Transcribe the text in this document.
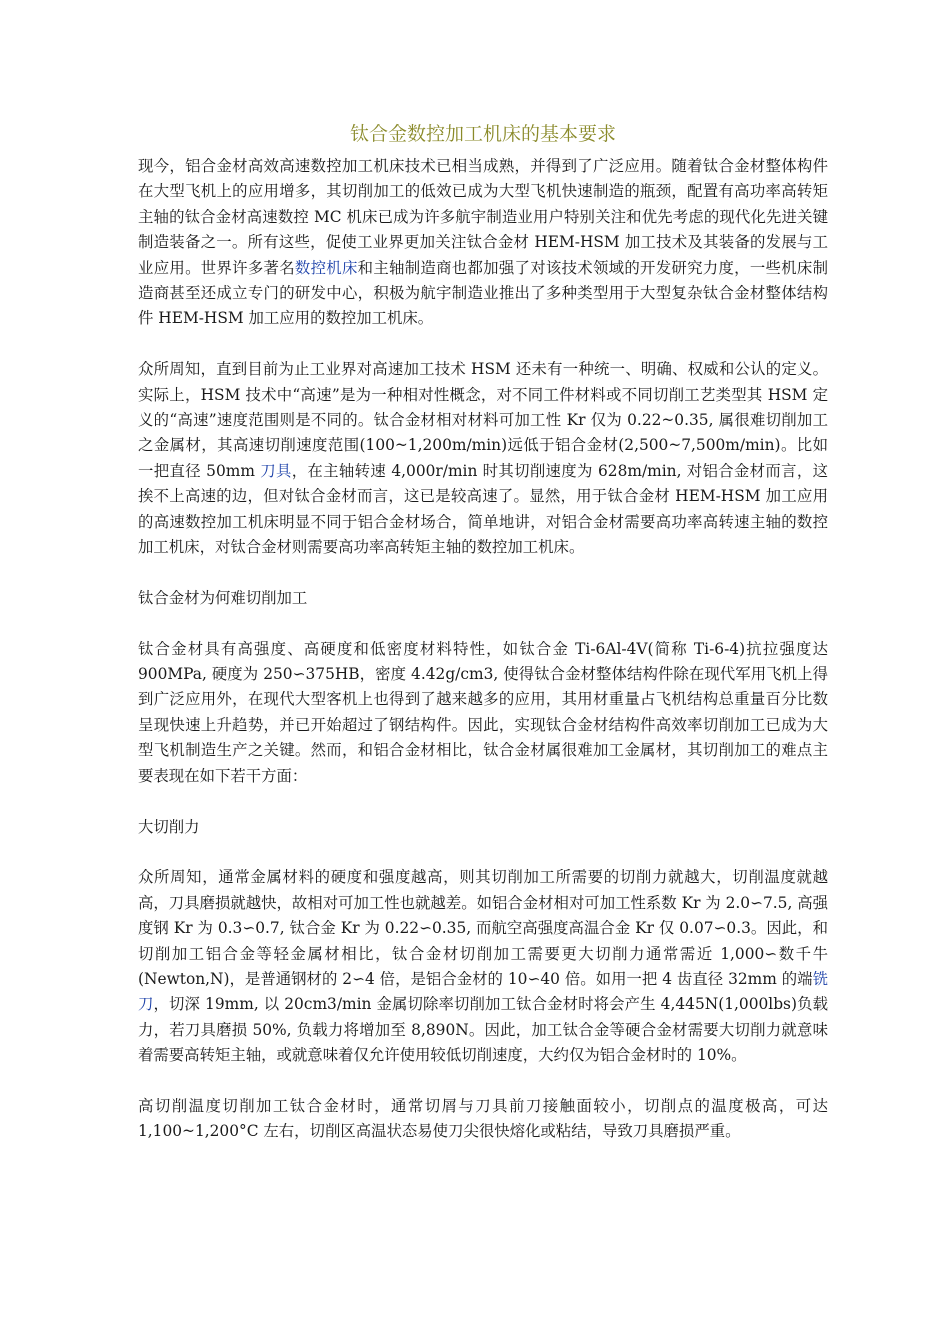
钛合金数控加工机床的基本要求

现今，铝合金材高效高速数控加工机床技术已相当成熟，并得到了广泛应用。随着钛合金材整体构件在大型飞机上的应用增多，其切削加工的低效已成为大型飞机快速制造的瓶颈，配置有高功率高转矩主轴的钛合金材高速数控 MC 机床已成为许多航宇制造业用户特别关注和优先考虑的现代化先进关键制造装备之一。所有这些，促使工业界更加关注钛合金材 HEM-HSM 加工技术及其装备的发展与工业应用。世界许多著名数控机床和主轴制造商也都加强了对该技术领域的开发研究力度，一些机床制造商甚至还成立专门的研发中心，积极为航宇制造业推出了多种类型用于大型复杂钛合金材整体结构件 HEM-HSM 加工应用的数控加工机床。

众所周知，直到目前为止工业界对高速加工技术 HSM 还未有一种统一、明确、权威和公认的定义。实际上，HSM 技术中“高速”是为一种相对性概念，对不同工件材料或不同切削工艺类型其 HSM 定义的“高速”速度范围则是不同的。钛合金材相对材料可加工性 Kr 仅为 0.22~0.35, 属很难切削加工之金属材，其高速切削速度范围(100~1,200m/min)远低于铝合金材(2,500~7,500m/min)。比如一把直径 50mm 刀具，在主轴转速 4,000r/min 时其切削速度为 628m/min, 对铝合金材而言，这挨不上高速的边，但对钛合金材而言，这已是较高速了。显然，用于钛合金材 HEM-HSM 加工应用的高速数控加工机床明显不同于铝合金材场合，简单地讲，对铝合金材需要高功率高转速主轴的数控加工机床，对钛合金材则需要高功率高转矩主轴的数控加工机床。

钛合金材为何难切削加工

钛合金材具有高强度、高硬度和低密度材料特性，如钛合金 Ti-6Al-4V(简称 Ti-6-4)抗拉强度达 900MPa, 硬度为 250∽375HB，密度 4.42g/cm3, 使得钛合金材整体结构件除在现代军用飞机上得到广泛应用外，在现代大型客机上也得到了越来越多的应用，其用材重量占飞机结构总重量百分比数呈现快速上升趋势，并已开始超过了钢结构件。因此，实现钛合金材结构件高效率切削加工已成为大型飞机制造生产之关键。然而，和铝合金材相比，钛合金材属很难加工金属材，其切削加工的难点主要表现在如下若干方面：

大切削力

众所周知，通常金属材料的硬度和强度越高，则其切削加工所需要的切削力就越大，切削温度就越高，刀具磨损就越快，故相对可加工性也就越差。如铝合金材相对可加工性系数 Kr 为 2.0∽7.5, 高强度钢 Kr 为 0.3∽0.7, 钛合金 Kr 为 0.22∽0.35, 而航空高强度高温合金 Kr 仅 0.07∽0.3。因此，和切削加工铝合金等轻金属材相比，钛合金材切削加工需要更大切削力通常需近 1,000∽数千牛(Newton,N)，是普通钢材的 2∽4 倍，是铝合金材的 10∽40 倍。如用一把 4 齿直径 32mm 的端铣刀，切深 19mm, 以 20cm3/min 金属切除率切削加工钛合金材时将会产生 4,445N(1,000lbs)负载力，若刀具磨损 50%, 负载力将增加至 8,890N。因此，加工钛合金等硬合金材需要大切削力就意味着需要高转矩主轴，或就意味着仅允许使用较低切削速度，大约仅为铝合金材时的 10%。

高切削温度切削加工钛合金材时，通常切屑与刀具前刀接触面较小，切削点的温度极高，可达 1,100~1,200°C 左右，切削区高温状态易使刀尖很快熔化或粘结，导致刀具磨损严重。
